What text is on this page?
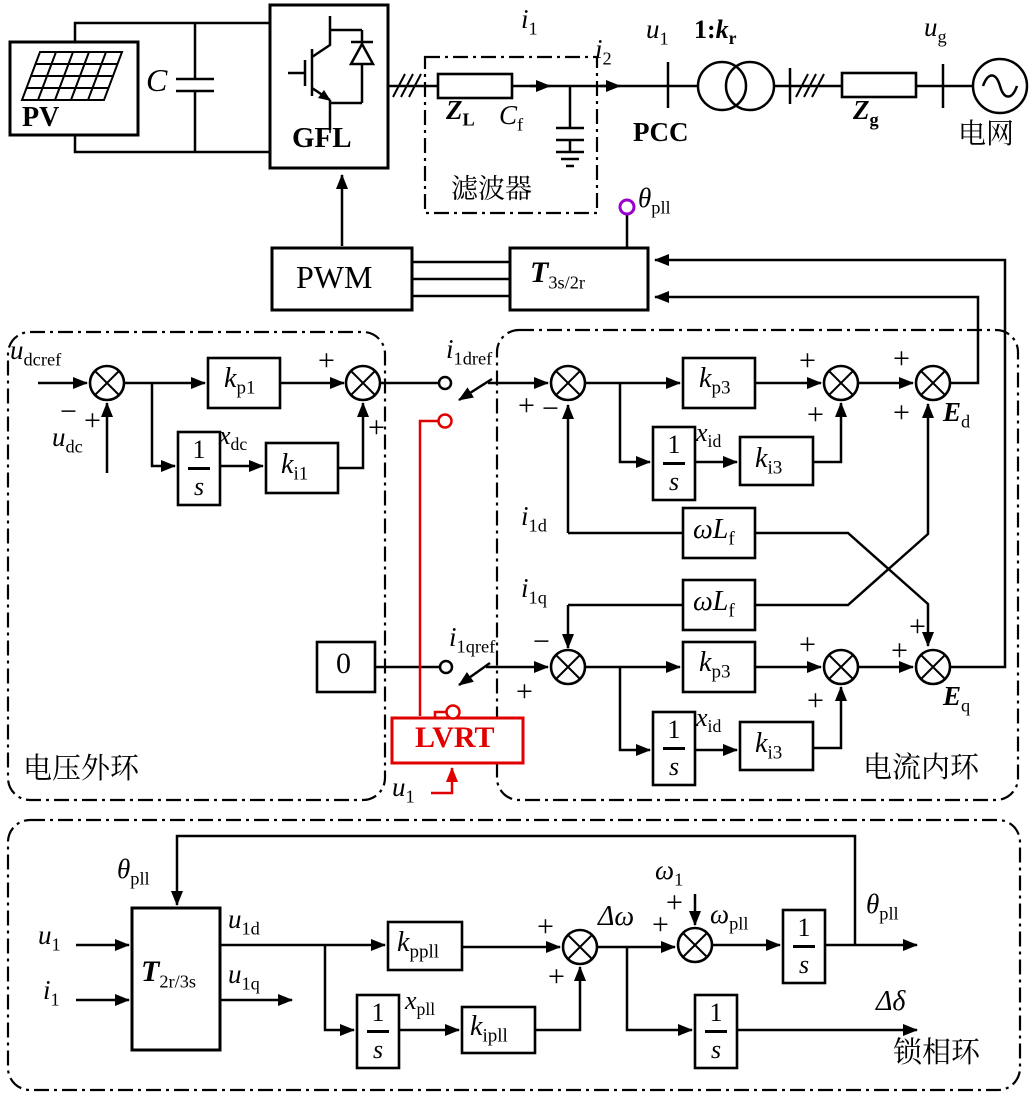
PV
C
GFL
$Z_L$
滤波器
$i_1$
$C_f$
$i_2$
$u_1$
PCC
$1:k_r$
$Z_g$
$u_g$
电网
PWM	$T_{3s/2r}$
$\theta_{pll}$
$u_{dcref}$
−
$u_{dc}$
+
$k_{p1}$
$x_{dc}$
$k_{i1}$
+
+
电压外环
$i_{1dref}$
0
$i_{1qref}$
LVRT
$u_1$
+ −
$k_{p3}$
$x_{id}$
$k_{i3}$
+
+
+
+ $E_d$
$i_{1d}$	$\omega L_f$
$i_{1q}$	$\omega L_f$
−
+
$k_{p3}$
$x_{id}$
$k_{i3}$
+
+
+
+
$E_q$
电流内环
$\theta_{pll}$
$u_1$
$i_1$
$T_{2r/3s}$
$u_{1d}$
$u_{1q}$
$k_{ppll}$
$x_{pll}$
$k_{ipll}$
+
+
Δω +
+
$\omega_1$
$\omega_{pll}$
$\theta_{pll}$
Δδ
锁相环
1
s
1
s
1
s
1
s
1
s
1
s
